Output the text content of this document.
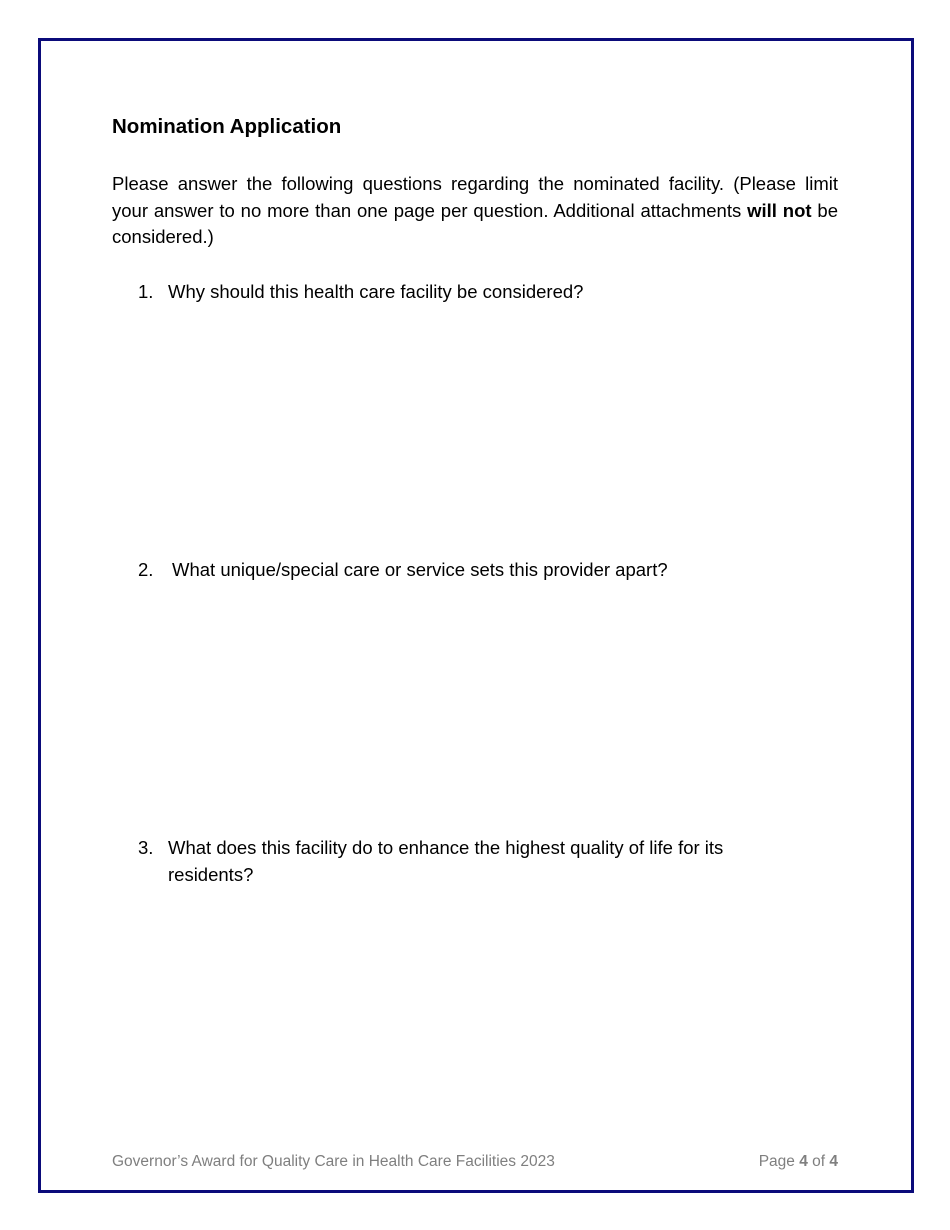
Nomination Application

Please answer the following questions regarding the nominated facility. (Please limit your answer to no more than one page per question. Additional attachments will not be considered.)

1. Why should this health care facility be considered?
2. What unique/special care or service sets this provider apart?
3. What does this facility do to enhance the highest quality of life for its residents?
Governor’s Award for Quality Care in Health Care Facilities 2023	Page 4 of 4
